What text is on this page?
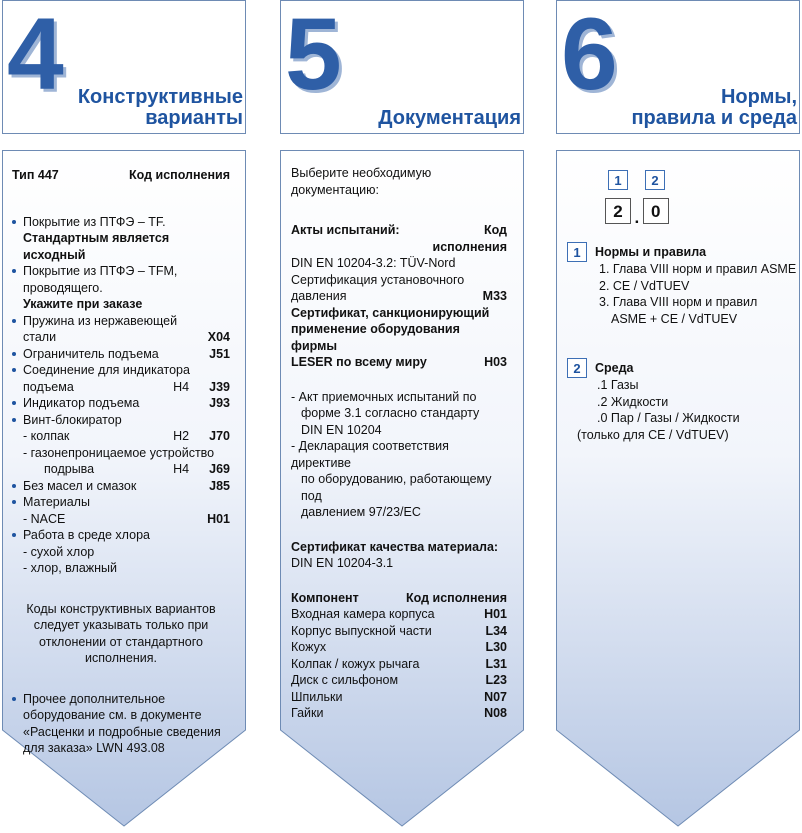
4 Конструктивные
варианты
Тип 447	Код исполнения
Покрытие из ПТФЭ – TF.
Стандартным является исходный
Покрытие из ПТФЭ – TFM,
проводящего.
Укажите при заказе
Пружина из нержавеющей
стали	X04
Ограничитель подъема	J51
Соединение для индикатора
подъема	H4 J39
Индикатор подъема	J93
Винт-блокиратор
- колпак	H2 J70
- газонепроницаемое устройство
подрыва	H4 J69
Без масел и смазок	J85
Материалы
- NACE	H01
Работа в среде хлора
- сухой хлор
- хлор, влажный
Коды конструктивных вариантов
следует указывать только при
отклонении от стандартного
исполнения.
Прочее дополнительное
оборудование см. в документе
«Расценки и подробные сведения
для заказа» LWN 493.08
5
Документация
Выберите необходимую
документацию:
Акты испытаний:	Код
исполнения
DIN EN 10204-3.2: TÜV-Nord
Сертификация установочного
давления	M33
Сертификат, санкционирующий
применение оборудования фирмы
LESER по всему миру	H03
- Акт приемочных испытаний по
форме 3.1 согласно стандарту
DIN EN 10204
- Декларация соответствия директиве
по оборудованию, работающему под
давлением 97/23/EC
Сертификат качества материала:
DIN EN 10204-3.1
Компонент	Код исполнения
Входная камера корпуса	H01
Корпус выпускной части	L34
Кожух	L30
Колпак / кожух рычага	L31
Диск с сильфоном	L23
Шпильки	N07
Гайки	N08
6	Нормы,
правила и среда
1 2
2 . 0
1	Нормы и правила
1. Глава VIII норм и правил ASME
2. CE / VdTUEV
3. Глава VIII норм и правил
ASME + CE / VdTUEV
2	Среда
.1 Газы
.2 Жидкости
.0 Пар / Газы / Жидкости
(только для CE / VdTUEV)
